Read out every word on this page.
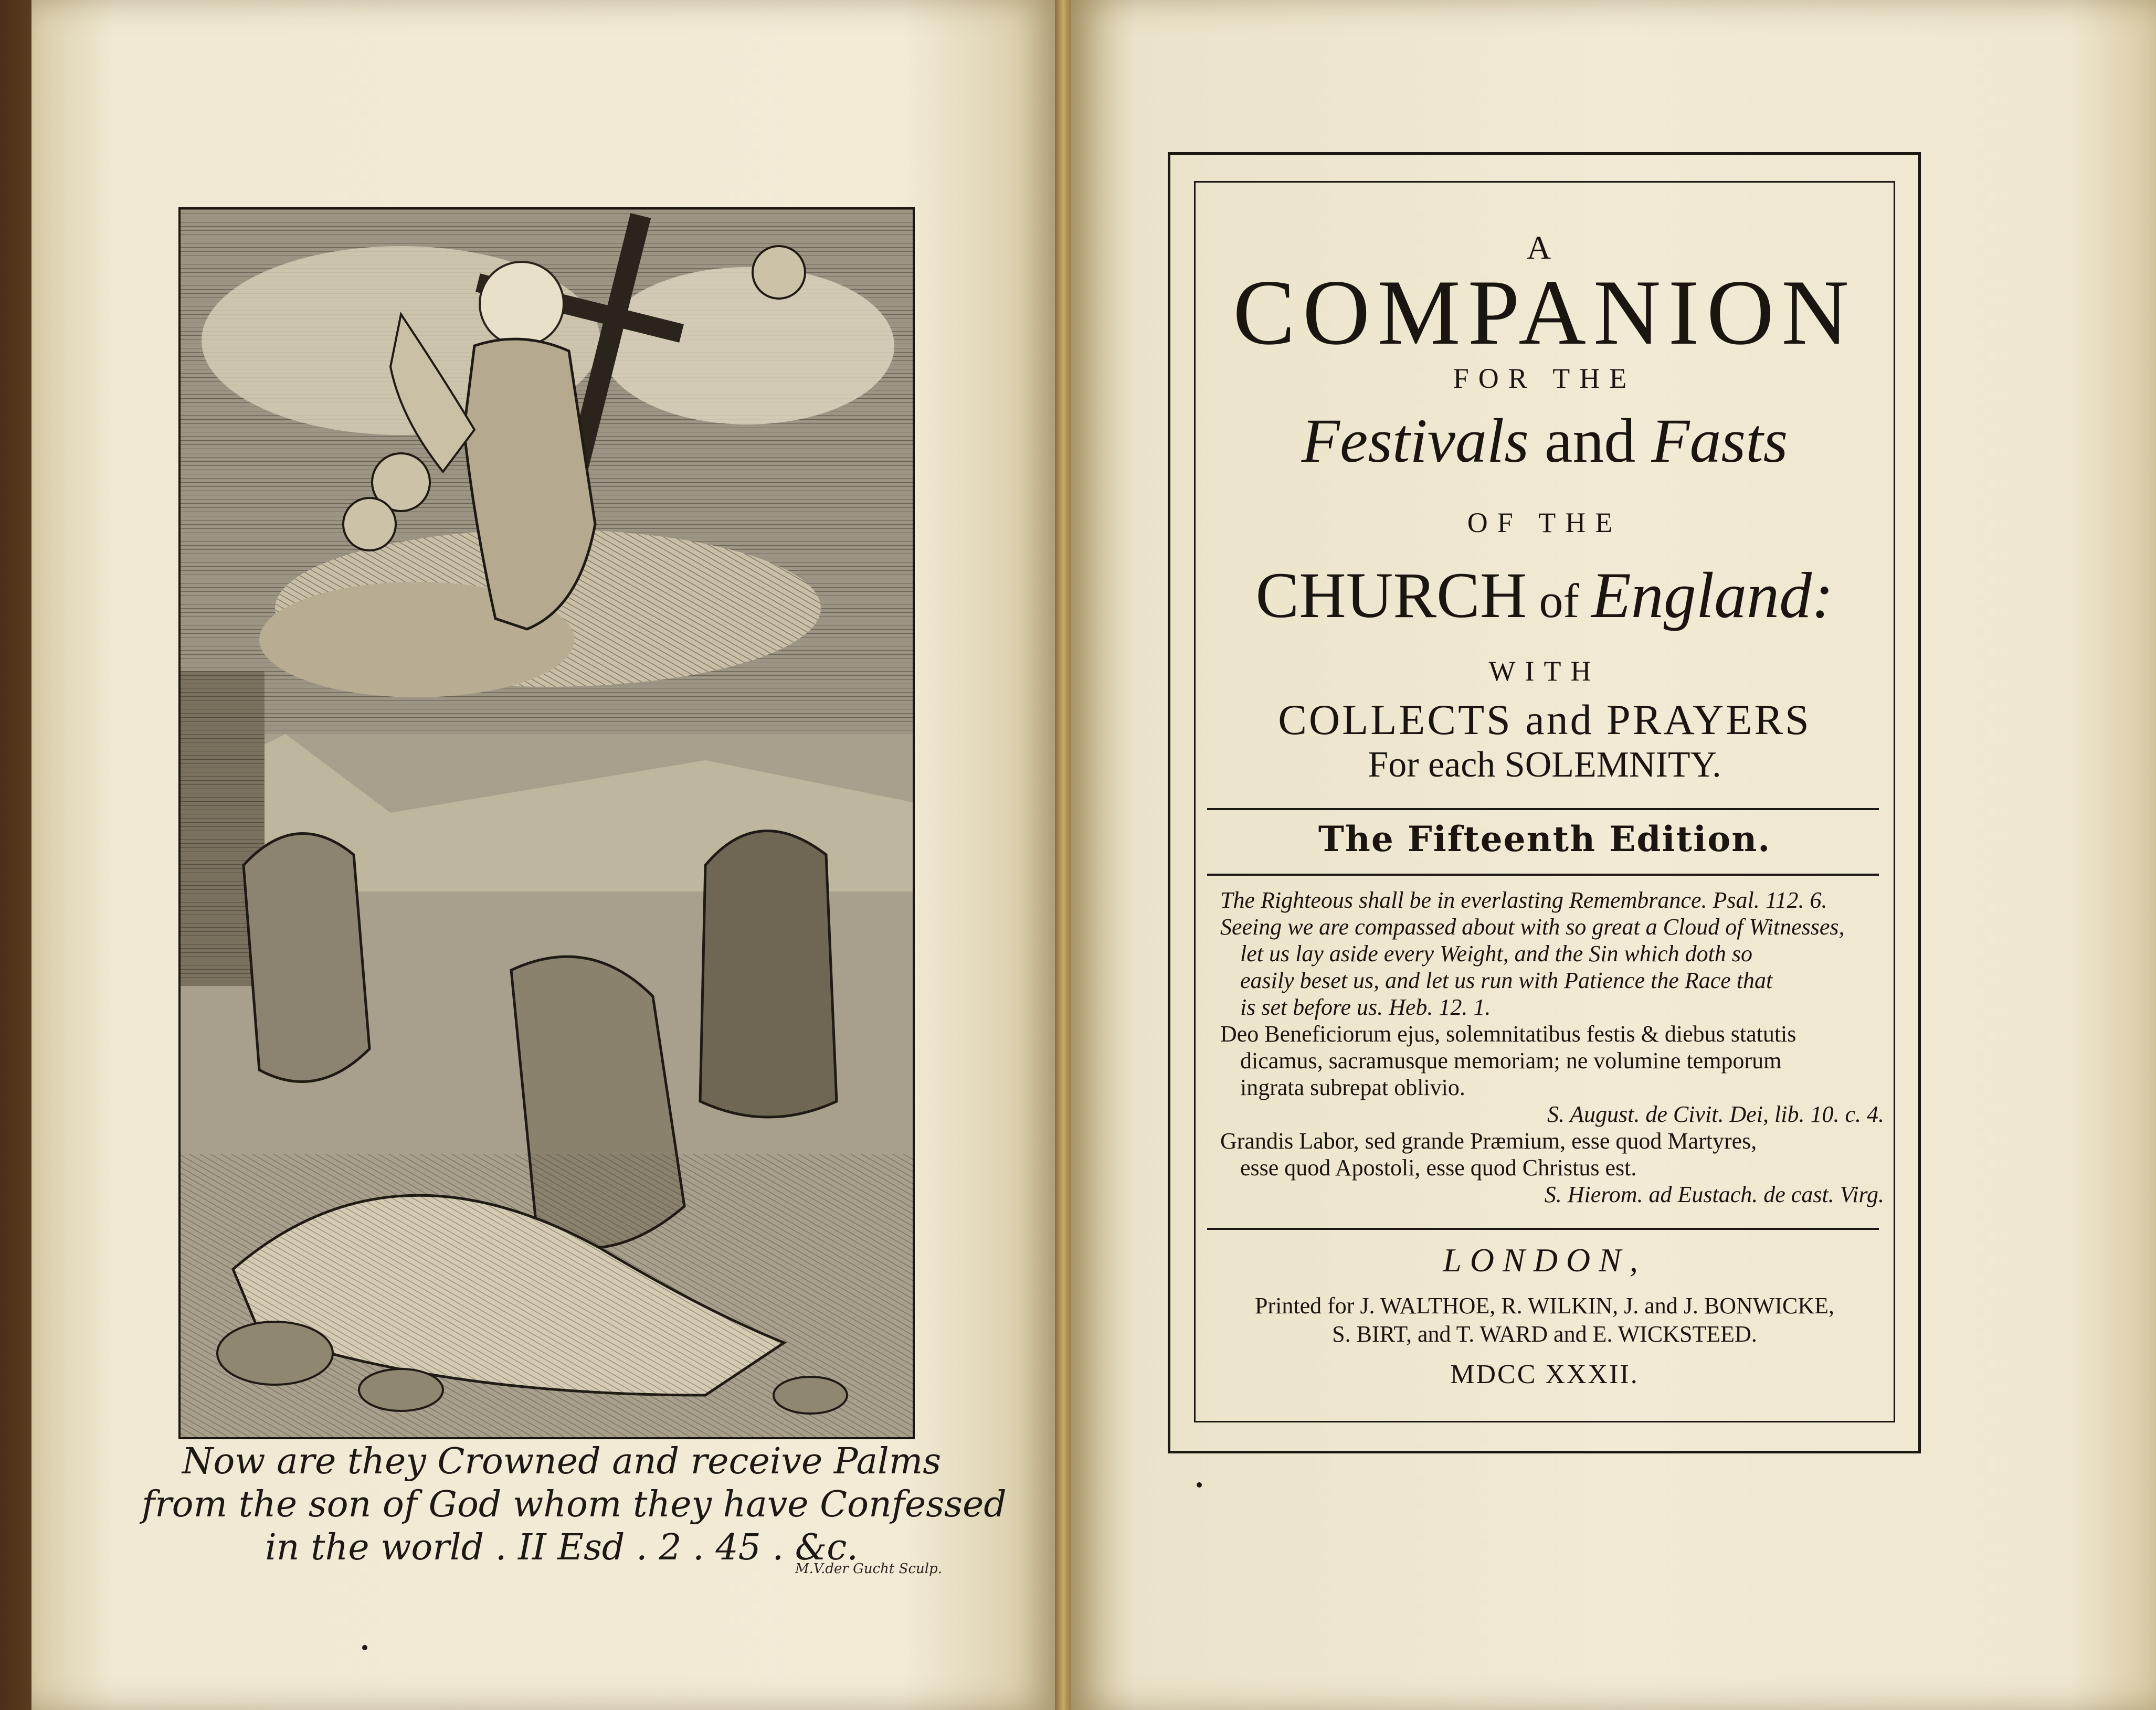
Now are they Crowned and receive Palms
from the son of God whom they have Confessed
in the world . II Esd . 2 . 45 . &c.
M.V.der Gucht Sculp.
A
COMPANION
FOR THE
Festivals and Fasts
OF THE
CHURCH of England:
WITH
COLLECTS and PRAYERS
For each SOLEMNITY.
The Fifteenth Edition.
The Righteous shall be in everlasting Remembrance. Psal. 112. 6.
Seeing we are compassed about with so great a Cloud of Witnesses,
let us lay aside every Weight, and the Sin which doth so
easily beset us, and let us run with Patience the Race that
is set before us. Heb. 12. 1.
Deo Beneficiorum ejus, solemnitatibus festis & diebus statutis
dicamus, sacramusque memoriam; ne volumine temporum
ingrata subrepat oblivio.
S. August. de Civit. Dei, lib. 10. c. 4.
Grandis Labor, sed grande Præmium, esse quod Martyres,
esse quod Apostoli, esse quod Christus est.
S. Hierom. ad Eustach. de cast. Virg.
LONDON,
Printed for J. WALTHOE, R. WILKIN, J. and J. BONWICKE,
S. BIRT, and T. WARD and E. WICKSTEED.
MDCC XXXII.
